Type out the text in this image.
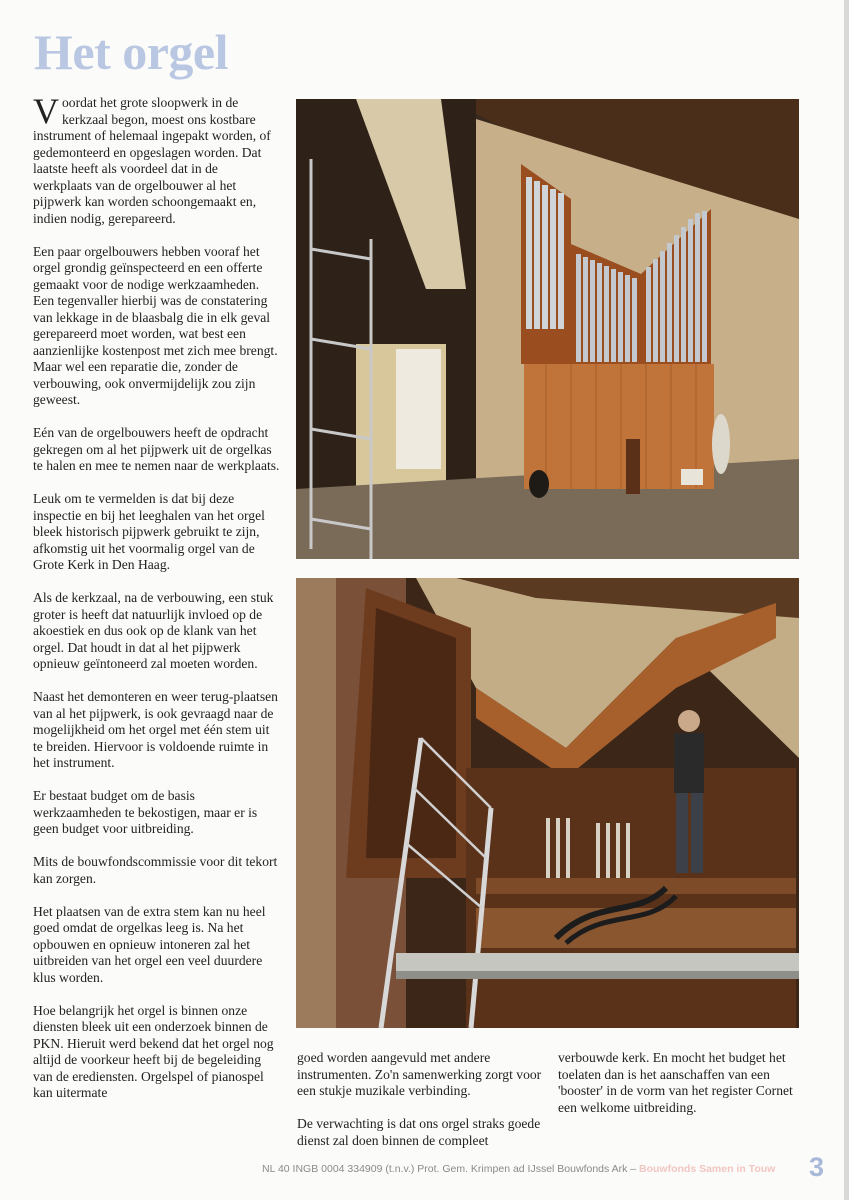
Het orgel

Voordat het grote sloopwerk in de kerkzaal begon, moest ons kostbare instrument of helemaal ingepakt worden, of gedemonteerd en opgeslagen worden. Dat laatste heeft als voordeel dat in de werkplaats van de orgelbouwer al het pijpwerk kan worden schoongemaakt en, indien nodig, gerepareerd.

Een paar orgelbouwers hebben vooraf het orgel grondig geïnspecteerd en een offerte gemaakt voor de nodige werkzaamheden. Een tegenvaller hierbij was de constatering van lekkage in de blaasbalg die in elk geval gerepareerd moet worden, wat best een aanzienlijke kostenpost met zich mee brengt. Maar wel een reparatie die, zonder de verbouwing, ook onvermijdelijk zou zijn geweest.

Eén van de orgelbouwers heeft de opdracht gekregen om al het pijpwerk uit de orgelkas te halen en mee te nemen naar de werkplaats.

Leuk om te vermelden is dat bij deze inspectie en bij het leeghalen van het orgel bleek historisch pijpwerk gebruikt te zijn, afkomstig uit het voormalig orgel van de Grote Kerk in Den Haag.

Als de kerkzaal, na de verbouwing, een stuk groter is heeft dat natuurlijk invloed op de akoestiek en dus ook op de klank van het orgel. Dat houdt in dat al het pijpwerk opnieuw geïntoneerd zal moeten worden.

Naast het demonteren en weer terug-plaatsen van al het pijpwerk, is ook gevraagd naar de mogelijkheid om het orgel met één stem uit te breiden. Hiervoor is voldoende ruimte in het instrument.

Er bestaat budget om de basis werkzaamheden te bekostigen, maar er is geen budget voor uitbreiding.

Mits de bouwfondscommissie voor dit tekort kan zorgen.

Het plaatsen van de extra stem kan nu heel goed omdat de orgelkas leeg is. Na het opbouwen en opnieuw intoneren zal het uitbreiden van het orgel een veel duurdere klus worden.

Hoe belangrijk het orgel is binnen onze diensten bleek uit een onderzoek binnen de PKN. Hieruit werd bekend dat het orgel nog altijd de voorkeur heeft bij de begeleiding van de erediensten. Orgelspel of pianospel kan uitermate

goed worden aangevuld met andere instrumenten. Zo'n samenwerking zorgt voor een stukje muzikale verbinding.

De verwachting is dat ons orgel straks goede dienst zal doen binnen de compleet

verbouwde kerk. En mocht het budget het toelaten dan is het aanschaffen van een 'booster' in de vorm van het register Cornet een welkome uitbreiding.

NL 40 INGB 0004 334909 (t.n.v.) Prot. Gem. Krimpen ad IJssel Bouwfonds Ark – Bouwfonds Samen in Touw 3
